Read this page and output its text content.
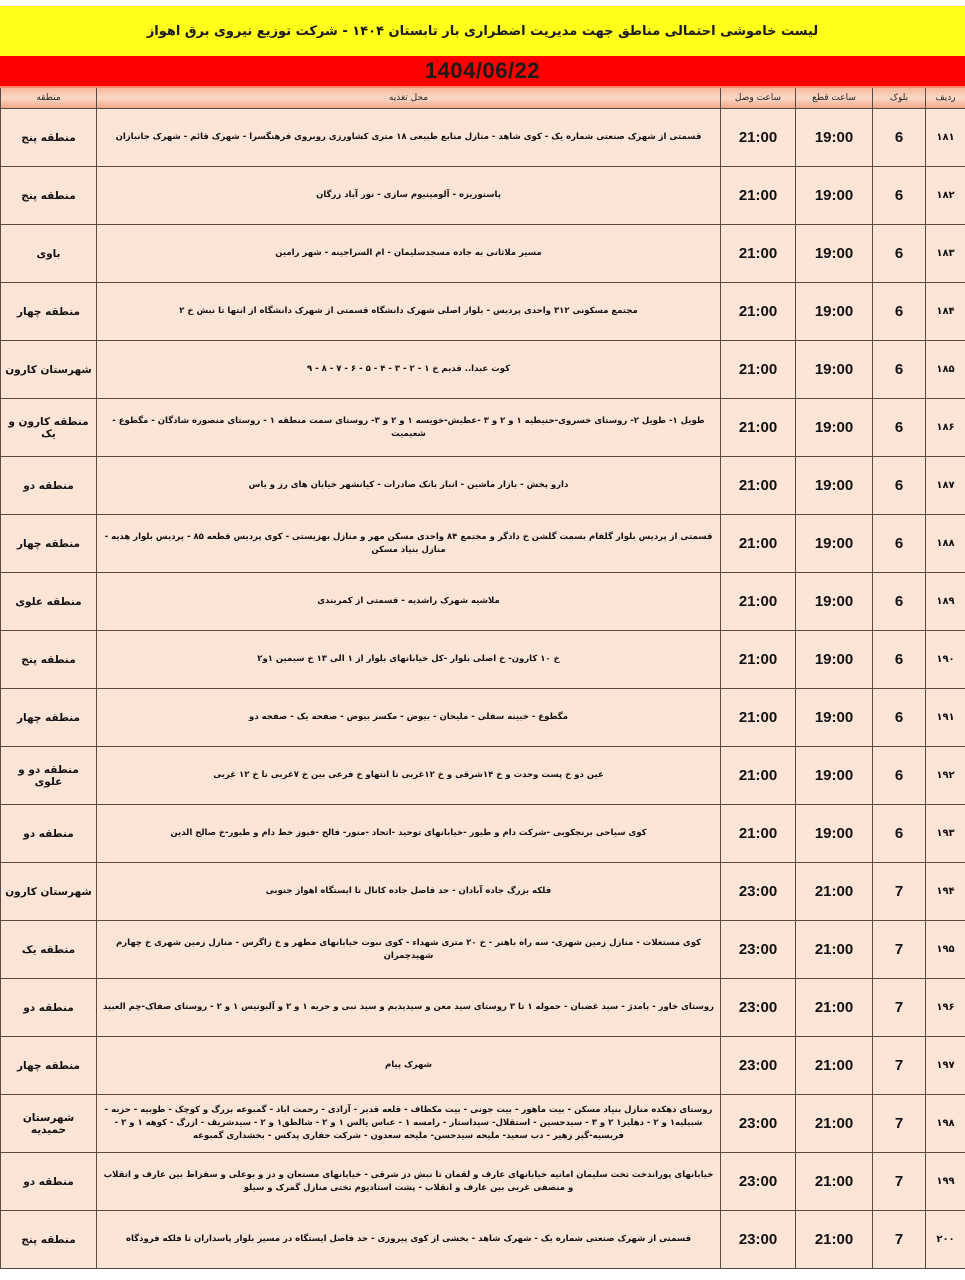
لیست خاموشی احتمالی مناطق جهت مدیریت اضطراری بار تابستان ۱۴۰۴ - شرکت توزیع نیروی برق اهواز
1404/06/22
ردیف	بلوک	ساعت قطع	ساعت وصل	محل تغذیه	منطقه
۱۸۱	6	19:00	21:00	قسمتی از شهرک صنعتی شماره یک - کوی شاهد - منازل منابع طبیعی ۱۸ متری کشاورزی روبروی فرهنگسرا - شهرک قائم - شهرک جانبازان	منطقه پنج
۱۸۲	6	19:00	21:00	پاستوریزه - آلومینیوم سازی - نور آباد زرگان	منطقه پنج
۱۸۳	6	19:00	21:00	مسیر ملاثانی به جاده مسجدسلیمان - ام السراجینه - شهر رامین	باوی
۱۸۴	6	19:00	21:00	مجتمع مسکونی ۳۱۲ واحدی پردیس - بلوار اصلی شهرک دانشگاه قسمتی از شهرک دانشگاه از انتها تا نبش خ ۲	منطقه چهار
۱۸۵	6	19:00	21:00	کوت عبدا.. قدیم خ ۱ - ۲ - ۳ - ۴ - ۵ - ۶ - ۷ - ۸ - ۹	شهرستان کارون
۱۸۶	6	19:00	21:00	طویل ۱- طویل ۲- روستای خسروی-حنیطیه ۱ و ۲ و ۳ -عطیش-خویسه ۱ و ۲ و ۳- روستای سمت منطقه ۱ - روستای منصوره شادگان - مگطوع - شعیمیت	منطقه کارون و یک
۱۸۷	6	19:00	21:00	دارو پخش - بازار ماشین - انبار بانک صادرات - کیانشهر خیابان های رز و یاس	منطقه دو
۱۸۸	6	19:00	21:00	قسمتی از پردیس بلوار گلفام بسمت گلشن خ دادگر و مجتمع ۸۴ واحدی مسکن مهر و منازل بهزیستی - کوی پردیس قطعه ۸۵ - پردیس بلوار هدیه - منازل بنیاد مسکن	منطقه چهار
۱۸۹	6	19:00	21:00	ملاشیه شهرک راشدیه - قسمتی از کمربندی	منطقه علوی
۱۹۰	6	19:00	21:00	خ ۱۰ کارون- خ اصلی بلوار -کل خیابانهای بلوار از ۱ الی ۱۳ خ سیمین ۱و۲	منطقه پنج
۱۹۱	6	19:00	21:00	مگطوع - خبینه سفلی - ملیحان - بیوض - مکسر بیوض - صفحه یک - صفحه دو	منطقه چهار
۱۹۲	6	19:00	21:00	عین دو خ پست وحدت و خ ۱۴شرقی و خ ۱۲غربی تا انتهاو خ فرعی بین خ ۷غربی تا خ ۱۲ غربی	منطقه دو و علوی
۱۹۳	6	19:00	21:00	کوی سیاحی برنجکوبی -شرکت دام و طیور -خیابانهای توحید -اتحاد -منور- فالح -فیوز خط دام و طیور-خ صالح الدین	منطقه دو
۱۹۴	7	21:00	23:00	فلکه بزرگ جاده آبادان - حد فاصل جاده کانال تا ایستگاه اهواز جنوبی	شهرستان کارون
۱۹۵	7	21:00	23:00	کوی مستغلات - منازل زمین شهری- سه راه باهنر - خ ۲۰ متری شهداء - کوی نبوت خیابانهای مطهر و خ زاگرس - منازل زمین شهری خ چهارم شهیدچمران	منطقه یک
۱۹۶	7	21:00	23:00	روستای خاور - بامدژ - سید غضبان - حموله ۱ تا ۳ روستای سید معن و سیدیدیم و سید نبی و حریه ۱ و ۲ و آلبونیس ۱ و ۲ - روستای صفاک-چم العبید	منطقه دو
۱۹۷	7	21:00	23:00	شهرک پیام	منطقه چهار
۱۹۸	7	21:00	23:00	روستای دهکده منازل بنیاد مسکن - بیت ماهور - بیت جونی - بیت مکطاف - قلعه قدیر - آزادی - رحمت اباد - گمبوعه بزرگ و کوچک - طوبیه - حزبه - شبیلیه۱ و ۲ - دهلیز۱ ۲ و ۳ - سیدحسین - استقلال- سیداستار - رامسه ۱ - عباس یالس ۱ و ۲ - شالطق۱ و ۲ - سیدشریف - ازرگ - کوهه ۱ و ۲ - فریسیه-گبر زهیر - دب سعید- ملیحه سیدحسن- ملیحه سعدون - شرکت حفاری پدکس - بخشداری گمبوعه	شهرستان حمیدیه
۱۹۹	7	21:00	23:00	خیابانهای پوراندخت تخت سلیمان امانیه خیابانهای عارف و لقمان تا نبش دز شرقی - خیابانهای مستعان و دز و بوعلی و سقراط بین عارف و انقلاب و منصفی غربی بین عارف و انقلاب - پشت استادیوم تختی منازل گمرک و سیلو	منطقه دو
۲۰۰	7	21:00	23:00	قسمتی از شهرک صنعتی شماره یک - شهرک شاهد - بخشی از کوی پیروزی - حد فاصل ایستگاه در مسیر بلوار پاسداران تا فلکه فرودگاه	منطقه پنج
